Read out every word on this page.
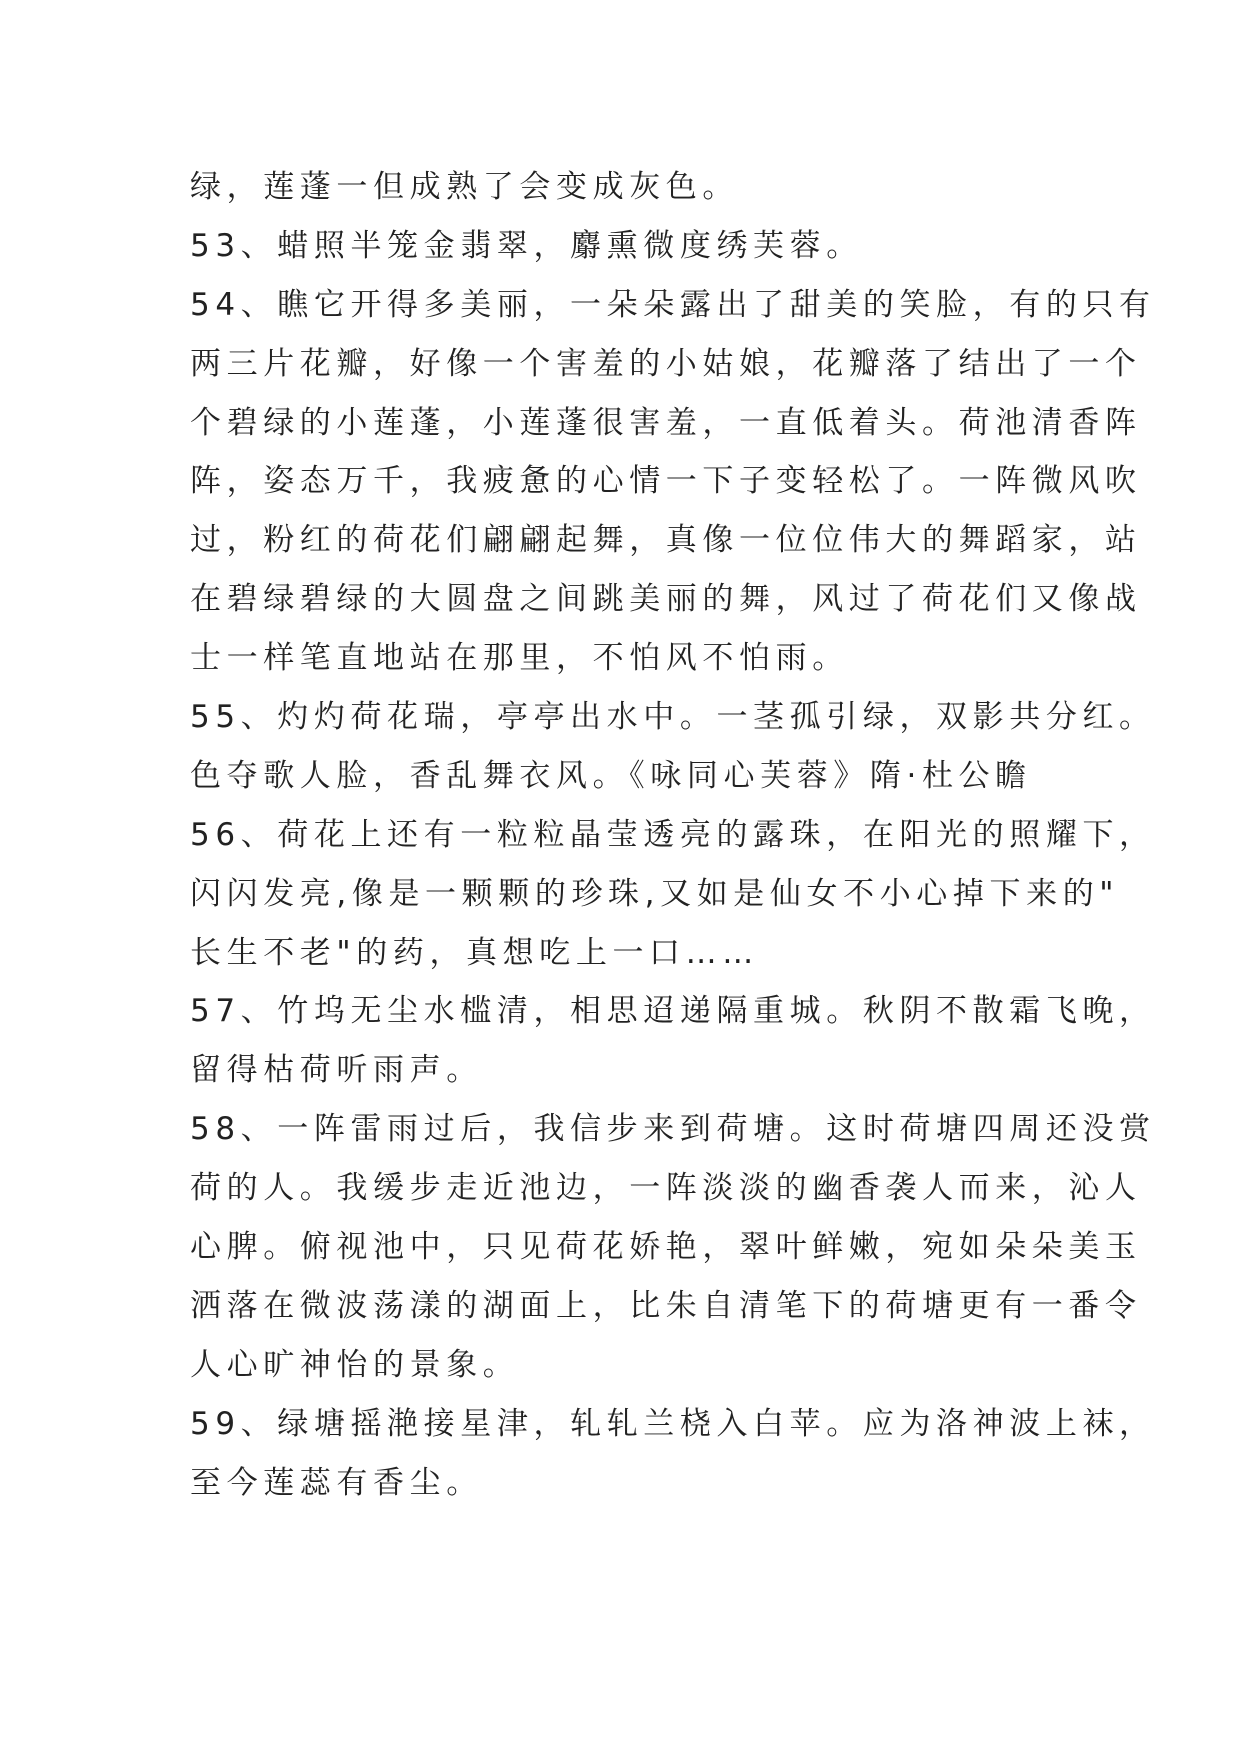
绿，莲蓬一但成熟了会变成灰色。
53、蜡照半笼金翡翠，麝熏微度绣芙蓉。
54、瞧它开得多美丽，一朵朵露出了甜美的笑脸，有的只有
两三片花瓣，好像一个害羞的小姑娘，花瓣落了结出了一个
个碧绿的小莲蓬，小莲蓬很害羞，一直低着头。荷池清香阵
阵，姿态万千，我疲惫的心情一下子变轻松了。一阵微风吹
过，粉红的荷花们翩翩起舞，真像一位位伟大的舞蹈家，站
在碧绿碧绿的大圆盘之间跳美丽的舞，风过了荷花们又像战
士一样笔直地站在那里，不怕风不怕雨。
55、灼灼荷花瑞，亭亭出水中。一茎孤引绿，双影共分红。
色夺歌人脸，香乱舞衣风。《咏同心芙蓉》隋·杜公瞻
56、荷花上还有一粒粒晶莹透亮的露珠，在阳光的照耀下，
闪闪发亮,像是一颗颗的珍珠,又如是仙女不小心掉下来的"
长生不老"的药，真想吃上一口……
57、竹坞无尘水槛清，相思迢递隔重城。秋阴不散霜飞晚，
留得枯荷听雨声。
58、一阵雷雨过后，我信步来到荷塘。这时荷塘四周还没赏
荷的人。我缓步走近池边，一阵淡淡的幽香袭人而来，沁人
心脾。俯视池中，只见荷花娇艳，翠叶鲜嫩，宛如朵朵美玉
洒落在微波荡漾的湖面上，比朱自清笔下的荷塘更有一番令
人心旷神怡的景象。
59、绿塘摇滟接星津，轧轧兰桡入白苹。应为洛神波上袜，
至今莲蕊有香尘。
